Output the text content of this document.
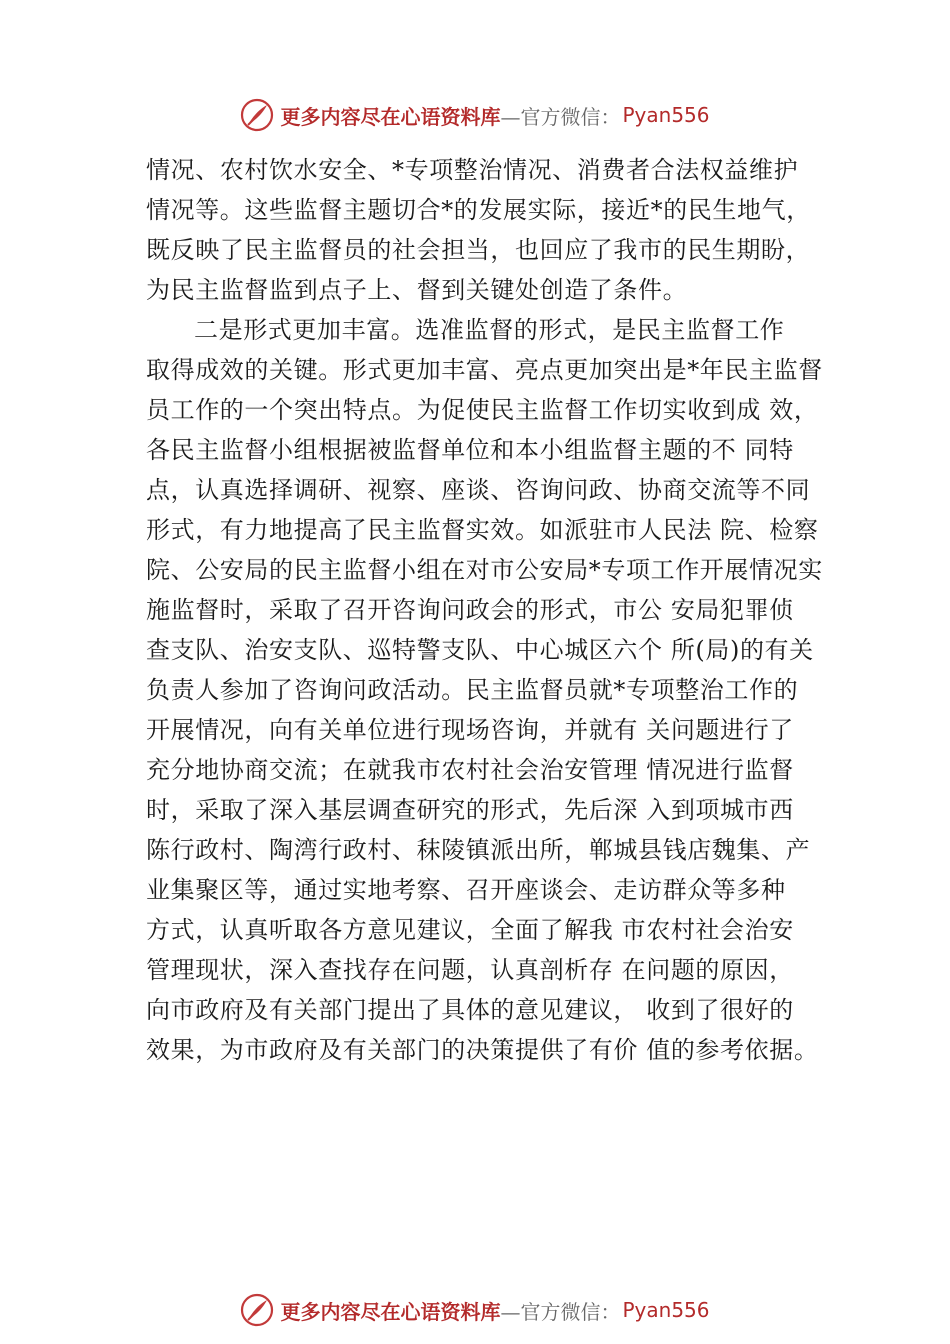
更多内容尽在心语资料库 —官方微信： Pyan556
情况、农村饮水安全、*专项整治情况、消费者合法权益维护
情况等。这些监督主题切合*的发展实际，接近*的民生地气，
既反映了民主监督员的社会担当，也回应了我市的民生期盼，
为民主监督监到点子上、督到关键处创造了条件。
二是形式更加丰富。选准监督的形式，是民主监督工作
取得成效的关键。形式更加丰富、亮点更加突出是*年民主监督
员工作的一个突出特点。为促使民主监督工作切实收到成 效，
各民主监督小组根据被监督单位和本小组监督主题的不 同特
点，认真选择调研、视察、座谈、咨询问政、协商交流等不同
形式，有力地提高了民主监督实效。如派驻市人民法 院、检察
院、公安局的民主监督小组在对市公安局*专项工作开展情况实
施监督时，采取了召开咨询问政会的形式，市公 安局犯罪侦
查支队、治安支队、巡特警支队、中心城区六个 所(局)的有关
负责人参加了咨询问政活动。民主监督员就*专项整治工作的
开展情况，向有关单位进行现场咨询，并就有 关问题进行了
充分地协商交流；在就我市农村社会治安管理 情况进行监督
时，采取了深入基层调查研究的形式，先后深 入到项城市西
陈行政村、陶湾行政村、秣陵镇派出所，郸城县钱店魏集、产
业集聚区等，通过实地考察、召开座谈会、走访群众等多种
方式，认真听取各方意见建议，全面了解我 市农村社会治安
管理现状，深入查找存在问题，认真剖析存 在问题的原因，
向市政府及有关部门提出了具体的意见建议， 收到了很好的
效果，为市政府及有关部门的决策提供了有价 值的参考依据。
更多内容尽在心语资料库 —官方微信： Pyan556
